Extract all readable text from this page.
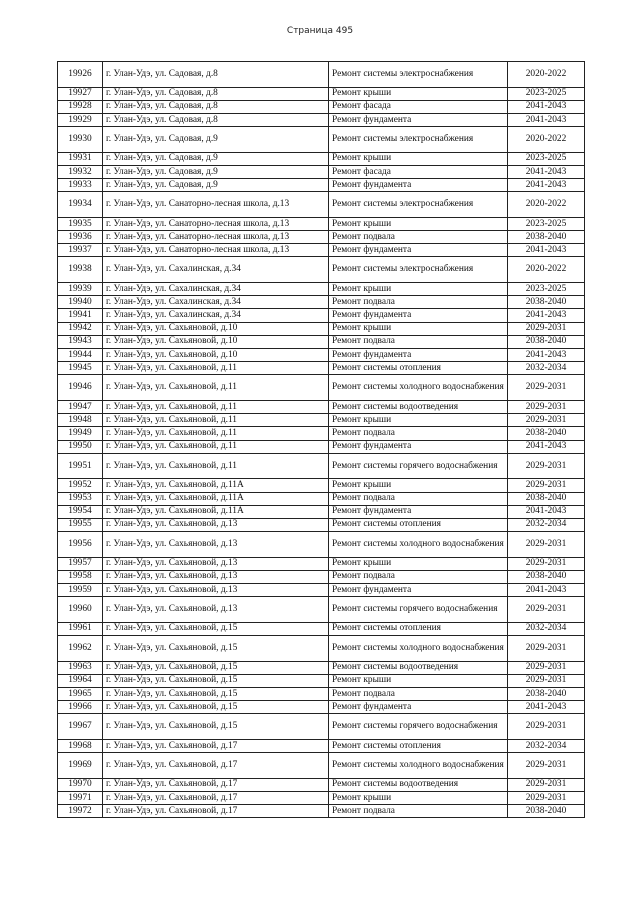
Страница 495
19926	г. Улан-Удэ, ул. Садовая, д.8	Ремонт системы электроснабжения	2020-2022
19927	г. Улан-Удэ, ул. Садовая, д.8	Ремонт крыши	2023-2025
19928	г. Улан-Удэ, ул. Садовая, д.8	Ремонт фасада	2041-2043
19929	г. Улан-Удэ, ул. Садовая, д.8	Ремонт фундамента	2041-2043
19930	г. Улан-Удэ, ул. Садовая, д.9	Ремонт системы электроснабжения	2020-2022
19931	г. Улан-Удэ, ул. Садовая, д.9	Ремонт крыши	2023-2025
19932	г. Улан-Удэ, ул. Садовая, д.9	Ремонт фасада	2041-2043
19933	г. Улан-Удэ, ул. Садовая, д.9	Ремонт фундамента	2041-2043
19934	г. Улан-Удэ, ул. Санаторно-лесная школа, д.13	Ремонт системы электроснабжения	2020-2022
19935	г. Улан-Удэ, ул. Санаторно-лесная школа, д.13	Ремонт крыши	2023-2025
19936	г. Улан-Удэ, ул. Санаторно-лесная школа, д.13	Ремонт подвала	2038-2040
19937	г. Улан-Удэ, ул. Санаторно-лесная школа, д.13	Ремонт фундамента	2041-2043
19938	г. Улан-Удэ, ул. Сахалинская, д.34	Ремонт системы электроснабжения	2020-2022
19939	г. Улан-Удэ, ул. Сахалинская, д.34	Ремонт крыши	2023-2025
19940	г. Улан-Удэ, ул. Сахалинская, д.34	Ремонт подвала	2038-2040
19941	г. Улан-Удэ, ул. Сахалинская, д.34	Ремонт фундамента	2041-2043
19942	г. Улан-Удэ, ул. Сахьяновой, д.10	Ремонт крыши	2029-2031
19943	г. Улан-Удэ, ул. Сахьяновой, д.10	Ремонт подвала	2038-2040
19944	г. Улан-Удэ, ул. Сахьяновой, д.10	Ремонт фундамента	2041-2043
19945	г. Улан-Удэ, ул. Сахьяновой, д.11	Ремонт системы отопления	2032-2034
19946	г. Улан-Удэ, ул. Сахьяновой, д.11	Ремонт системы холодного водоснабжения	2029-2031
19947	г. Улан-Удэ, ул. Сахьяновой, д.11	Ремонт системы водоотведения	2029-2031
19948	г. Улан-Удэ, ул. Сахьяновой, д.11	Ремонт крыши	2029-2031
19949	г. Улан-Удэ, ул. Сахьяновой, д.11	Ремонт подвала	2038-2040
19950	г. Улан-Удэ, ул. Сахьяновой, д.11	Ремонт фундамента	2041-2043
19951	г. Улан-Удэ, ул. Сахьяновой, д.11	Ремонт системы горячего водоснабжения	2029-2031
19952	г. Улан-Удэ, ул. Сахьяновой, д.11А	Ремонт крыши	2029-2031
19953	г. Улан-Удэ, ул. Сахьяновой, д.11А	Ремонт подвала	2038-2040
19954	г. Улан-Удэ, ул. Сахьяновой, д.11А	Ремонт фундамента	2041-2043
19955	г. Улан-Удэ, ул. Сахьяновой, д.13	Ремонт системы отопления	2032-2034
19956	г. Улан-Удэ, ул. Сахьяновой, д.13	Ремонт системы холодного водоснабжения	2029-2031
19957	г. Улан-Удэ, ул. Сахьяновой, д.13	Ремонт крыши	2029-2031
19958	г. Улан-Удэ, ул. Сахьяновой, д.13	Ремонт подвала	2038-2040
19959	г. Улан-Удэ, ул. Сахьяновой, д.13	Ремонт фундамента	2041-2043
19960	г. Улан-Удэ, ул. Сахьяновой, д.13	Ремонт системы горячего водоснабжения	2029-2031
19961	г. Улан-Удэ, ул. Сахьяновой, д.15	Ремонт системы отопления	2032-2034
19962	г. Улан-Удэ, ул. Сахьяновой, д.15	Ремонт системы холодного водоснабжения	2029-2031
19963	г. Улан-Удэ, ул. Сахьяновой, д.15	Ремонт системы водоотведения	2029-2031
19964	г. Улан-Удэ, ул. Сахьяновой, д.15	Ремонт крыши	2029-2031
19965	г. Улан-Удэ, ул. Сахьяновой, д.15	Ремонт подвала	2038-2040
19966	г. Улан-Удэ, ул. Сахьяновой, д.15	Ремонт фундамента	2041-2043
19967	г. Улан-Удэ, ул. Сахьяновой, д.15	Ремонт системы горячего водоснабжения	2029-2031
19968	г. Улан-Удэ, ул. Сахьяновой, д.17	Ремонт системы отопления	2032-2034
19969	г. Улан-Удэ, ул. Сахьяновой, д.17	Ремонт системы холодного водоснабжения	2029-2031
19970	г. Улан-Удэ, ул. Сахьяновой, д.17	Ремонт системы водоотведения	2029-2031
19971	г. Улан-Удэ, ул. Сахьяновой, д.17	Ремонт крыши	2029-2031
19972	г. Улан-Удэ, ул. Сахьяновой, д.17	Ремонт подвала	2038-2040
